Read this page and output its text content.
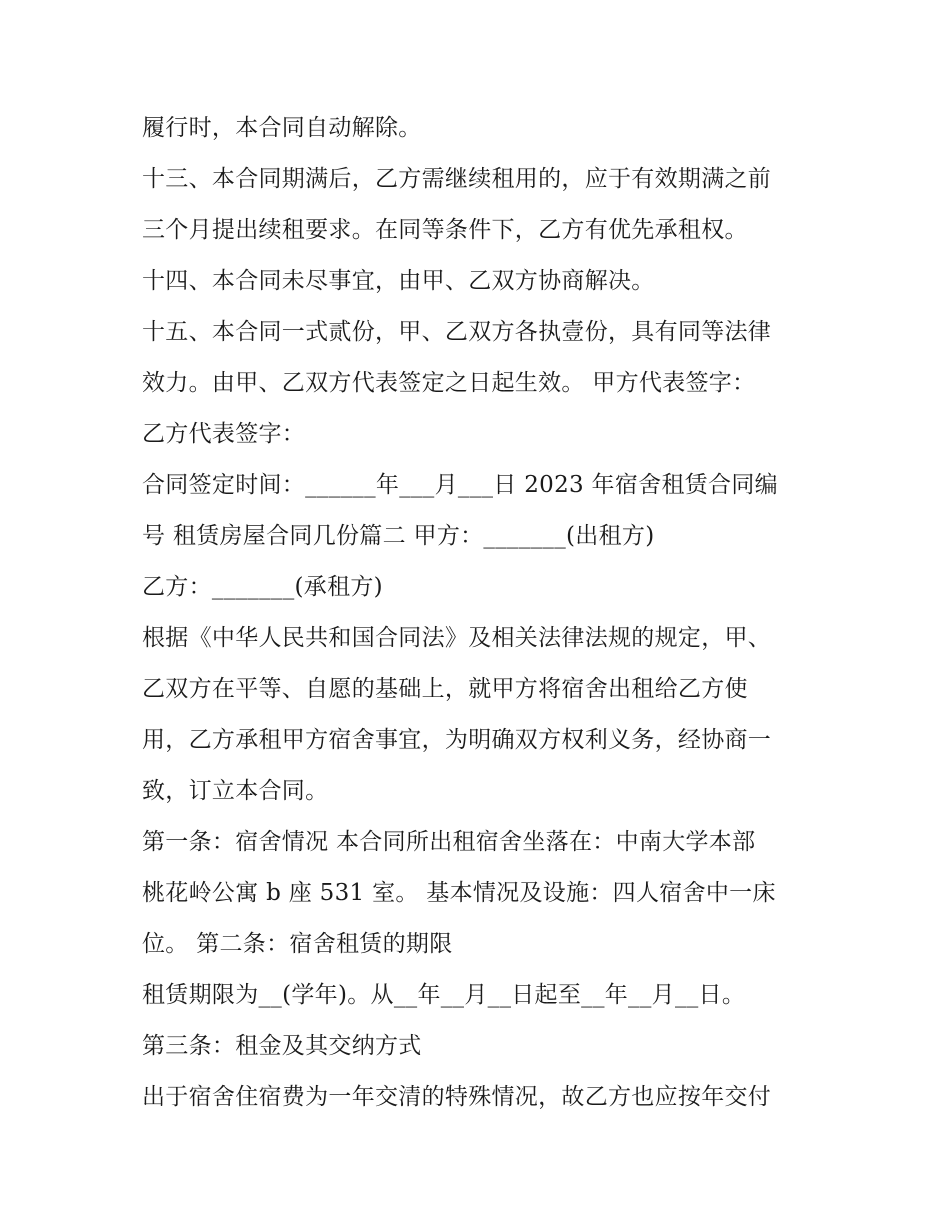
履行时，本合同自动解除。
十三、本合同期满后，乙方需继续租用的，应于有效期满之前
三个月提出续租要求。在同等条件下，乙方有优先承租权。
十四、本合同未尽事宜，由甲、乙双方协商解决。
十五、本合同一式贰份，甲、乙双方各执壹份，具有同等法律
效力。由甲、乙双方代表签定之日起生效。 甲方代表签字：
乙方代表签字：
合同签定时间：______年___月___日 2023 年宿舍租赁合同编
号 租赁房屋合同几份篇二 甲方：_______(出租方)
乙方：_______(承租方)
根据《中华人民共和国合同法》及相关法律法规的规定，甲、
乙双方在平等、自愿的基础上，就甲方将宿舍出租给乙方使
用，乙方承租甲方宿舍事宜，为明确双方权利义务，经协商一
致，订立本合同。
第一条：宿舍情况 本合同所出租宿舍坐落在：中南大学本部
桃花岭公寓 b 座 531 室。 基本情况及设施：四人宿舍中一床
位。 第二条：宿舍租赁的期限
租赁期限为__(学年)。从__年__月__日起至__年__月__日。
第三条：租金及其交纳方式
出于宿舍住宿费为一年交清的特殊情况，故乙方也应按年交付
